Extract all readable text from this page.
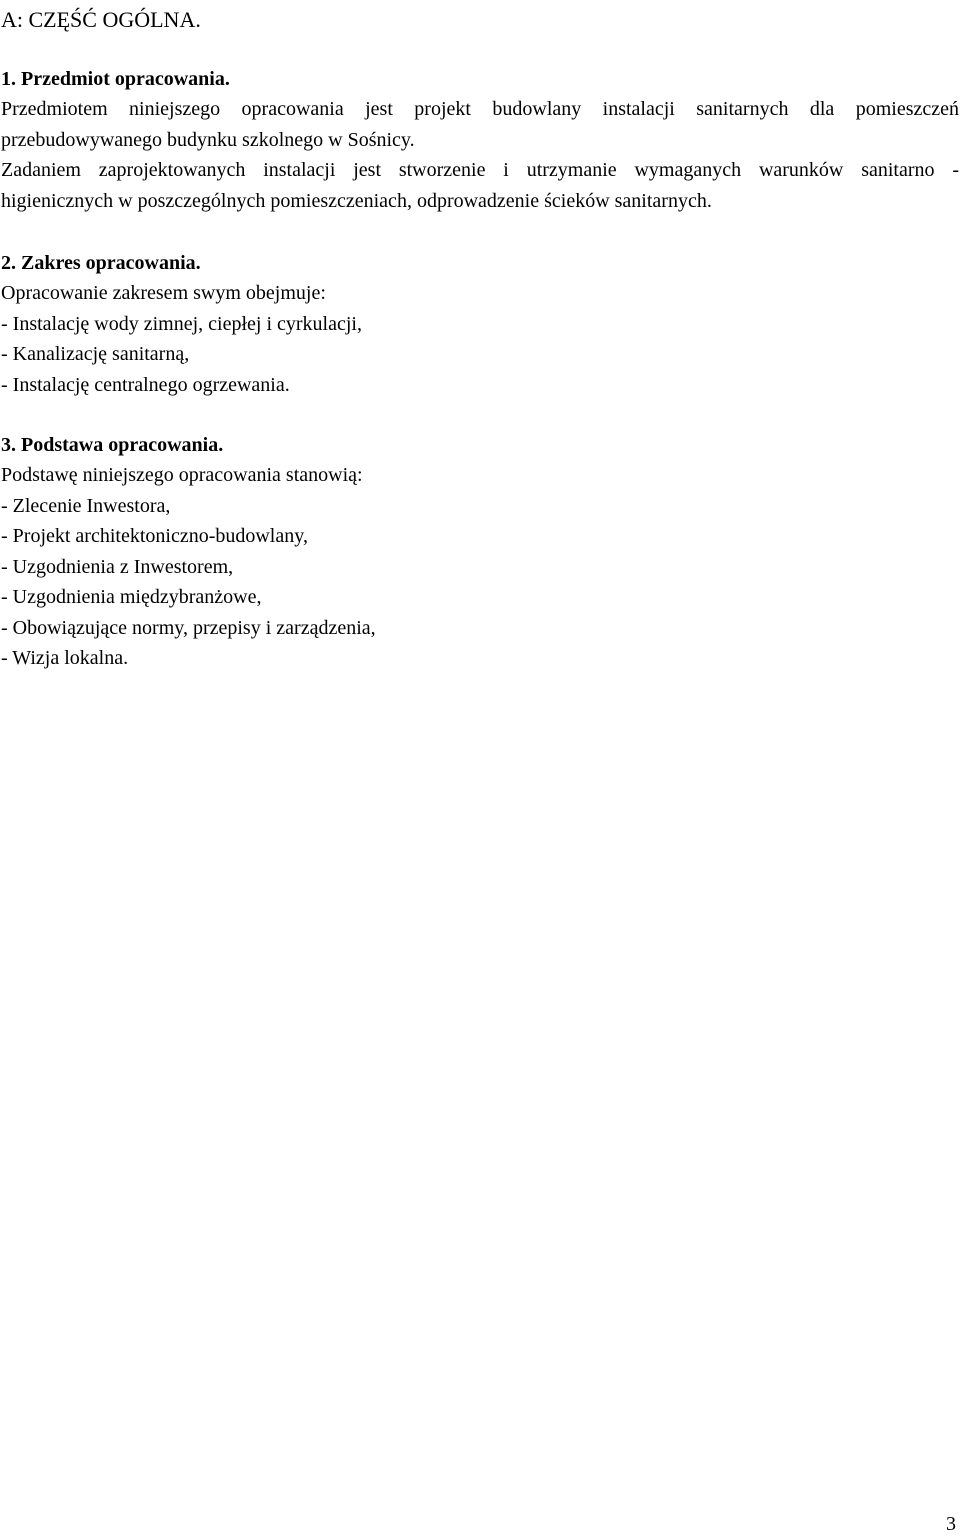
A: CZĘŚĆ OGÓLNA.
1. Przedmiot opracowania.
Przedmiotem niniejszego opracowania jest projekt budowlany instalacji sanitarnych dla pomieszczeń
przebudowywanego budynku szkolnego w Sośnicy.
Zadaniem zaprojektowanych instalacji jest stworzenie i utrzymanie wymaganych warunków sanitarno -
higienicznych w poszczególnych pomieszczeniach, odprowadzenie ścieków sanitarnych.
2. Zakres opracowania.
Opracowanie zakresem swym obejmuje:
- Instalację wody zimnej, ciepłej i cyrkulacji,
- Kanalizację sanitarną,
- Instalację centralnego ogrzewania.
3. Podstawa opracowania.
Podstawę niniejszego opracowania stanowią:
- Zlecenie Inwestora,
- Projekt architektoniczno-budowlany,
- Uzgodnienia z Inwestorem,
- Uzgodnienia międzybranżowe,
- Obowiązujące normy, przepisy i zarządzenia,
- Wizja lokalna.
3
